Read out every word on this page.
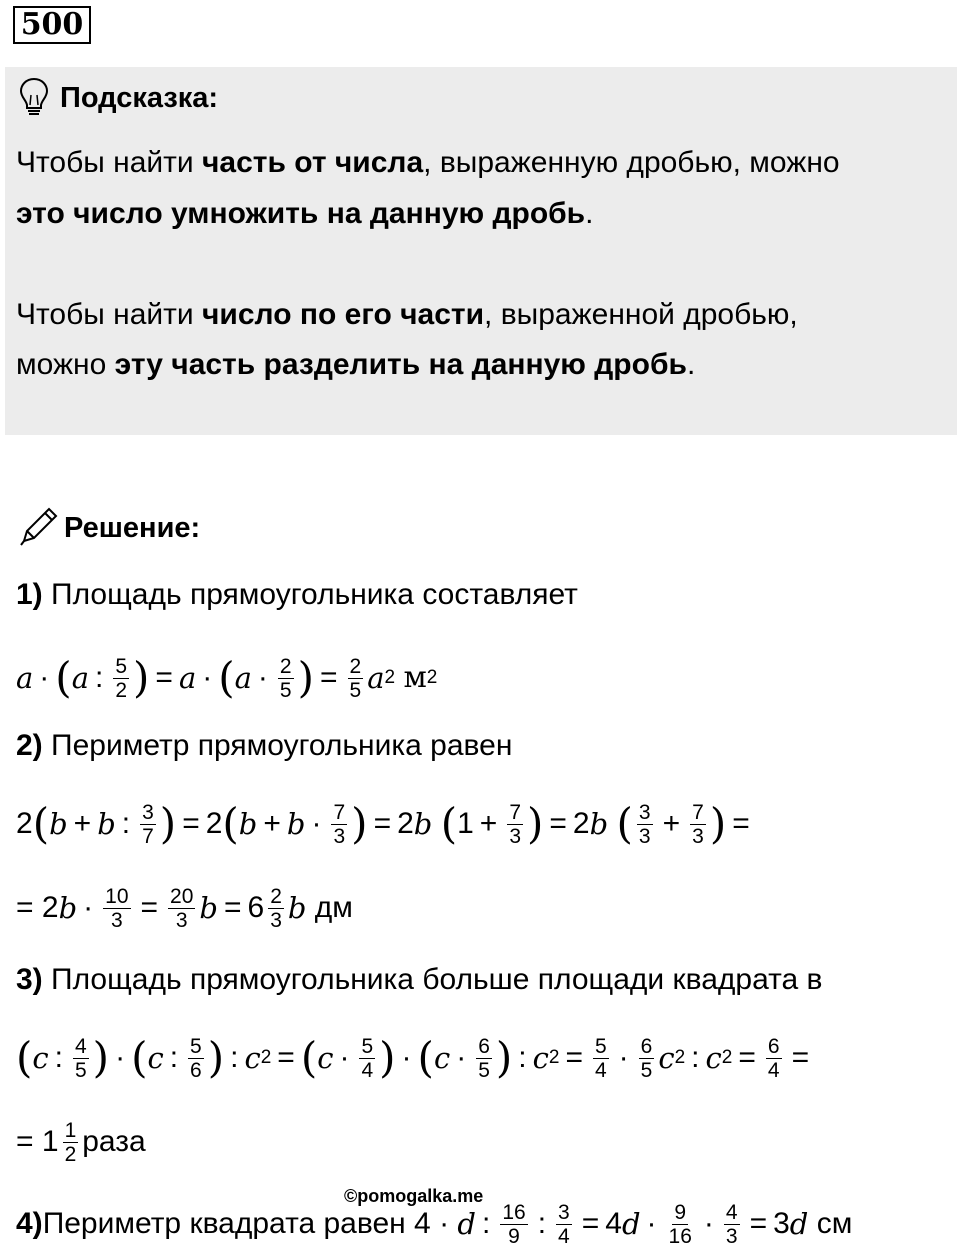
500
Подсказка:
Чтобы найти часть от числа, выраженную дробью, можно
это число умножить на данную дробь.
Чтобы найти число по его части, выраженной дробью,
можно эту часть разделить на данную дробь.
Решение:
1) Площадь прямоугольника составляет
a · ( a : $\frac{5}{2}$ ) = a · ( $a \cdot \frac{2}{5}$ ) = $\frac{2}{5}$ a 2
м 2
2) Периметр прямоугольника равен
2 ( b + b : $\frac{3}{7}$ ) = 2 ( $b + b \cdot \frac{7}{3}$ ) = 2 b
( $1 + \frac{7}{3}$ ) = 2 b
( $\frac{3}{3} + \frac{7}{3}$ ) =
=
2 $b \cdot \frac{10}{3} = \frac{20}{3}$ $b = 6 \frac{2}{3}$ b
дм
3) Площадь прямоугольника больше площади квадрата в
( c : $\frac{4}{5}$ ) · ( c : $\frac{5}{6}$ ) : c 2 = ( $c \cdot \frac{5}{4}$ ) · ( $c \cdot \frac{6}{5}$ ) : c $2 = \frac{5}{4} \cdot \frac{6}{5}$ c 2 : c $2 = \frac{6}{4}$ =
=
$1 \frac{1}{2}$ раза
©pomogalka.me
4) Периметр квадрата равен 4 ·
d : $\frac{16}{9}$ : $\frac{3}{4} = 4$ $d \cdot \frac{9}{16} \cdot \frac{4}{3} = 3$ d
см
